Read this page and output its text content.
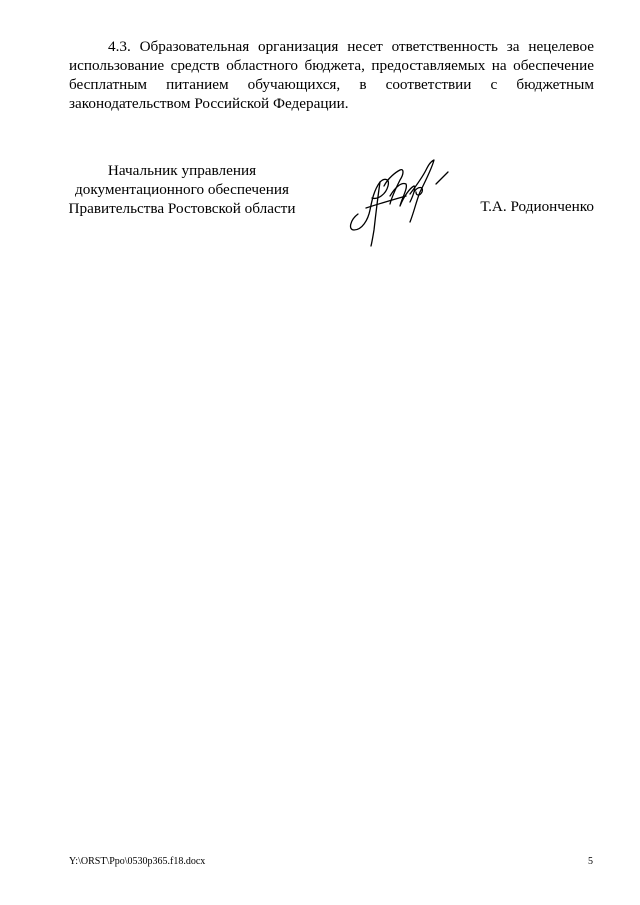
4.3. Образовательная организация несет ответственность за нецелевое использование средств областного бюджета, предоставляемых на обеспечение бесплатным питанием обучающихся, в соответствии с бюджетным законодательством Российской Федерации.

Начальник управления
документационного обеспечения
Правительства Ростовской области	Т.А. Родионченко
Y:\ORST\Ppo\0530p365.f18.docx	5
